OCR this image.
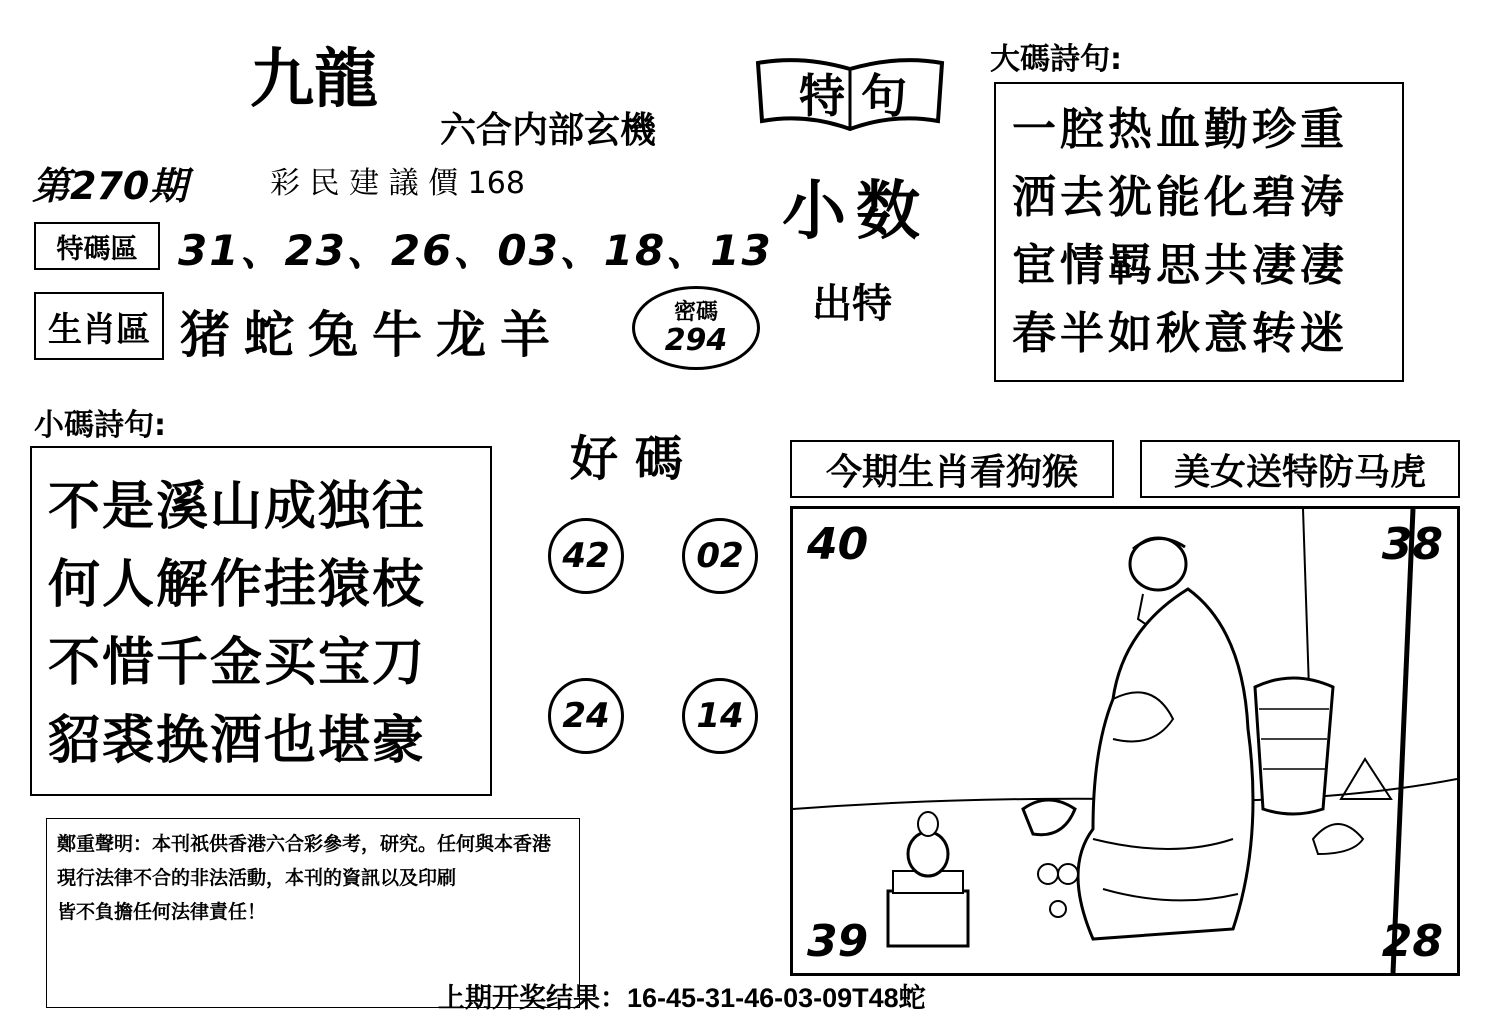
九龍
六合内部玄機
第270期	彩 民 建 議 價 168
特碼區 31、23、26、03、18、13
生肖區 猪蛇兔牛龙羊	密碼
294
特 句
小数
出特
大碼詩句:
一腔热血勤珍重
洒去犹能化碧涛
宦情羁思共凄凄
春半如秋意转迷
小碼詩句:
不是溪山成独往
何人解作挂猿枝
不惜千金买宝刀
貂裘换酒也堪豪
好 碼
42	02
24	14
今期生肖看狗猴	美女送特防马虎
40	38
39	28
鄭重聲明：本刊祇供香港六合彩參考，研究。任何與本香港
現行法律不合的非法活動，本刊的資訊以及印刷
皆不負擔任何法律責任！
上期开奖结果：16-45-31-46-03-09T48蛇
